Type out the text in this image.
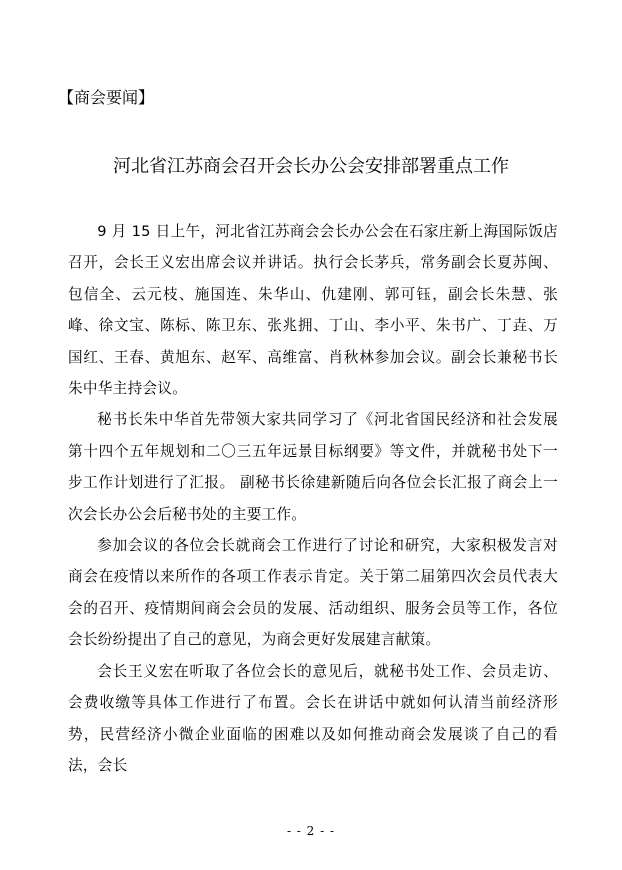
【商会要闻】
河北省江苏商会召开会长办公会安排部署重点工作

9 月 15 日上午，河北省江苏商会会长办公会在石家庄新上海国际饭店召开，会长王义宏出席会议并讲话。执行会长茅兵，常务副会长夏苏闽、包信全、云元枝、施国连、朱华山、仇建刚、郭可钰，副会长朱慧、张峰、徐文宝、陈标、陈卫东、张兆拥、丁山、李小平、朱书广、丁垚、万国红、王春、黄旭东、赵军、高维富、肖秋林参加会议。副会长兼秘书长朱中华主持会议。

秘书长朱中华首先带领大家共同学习了《河北省国民经济和社会发展第十四个五年规划和二〇三五年远景目标纲要》等文件，并就秘书处下一步工作计划进行了汇报。 副秘书长徐建新随后向各位会长汇报了商会上一次会长办公会后秘书处的主要工作。

参加会议的各位会长就商会工作进行了讨论和研究，大家积极发言对商会在疫情以来所作的各项工作表示肯定。关于第二届第四次会员代表大会的召开、疫情期间商会会员的发展、活动组织、服务会员等工作，各位会长纷纷提出了自己的意见，为商会更好发展建言献策。

会长王义宏在听取了各位会长的意见后，就秘书处工作、会员走访、会费收缴等具体工作进行了布置。会长在讲话中就如何认清当前经济形势，民营经济小微企业面临的困难以及如何推动商会发展谈了自己的看法，会长

- - 2 - -
